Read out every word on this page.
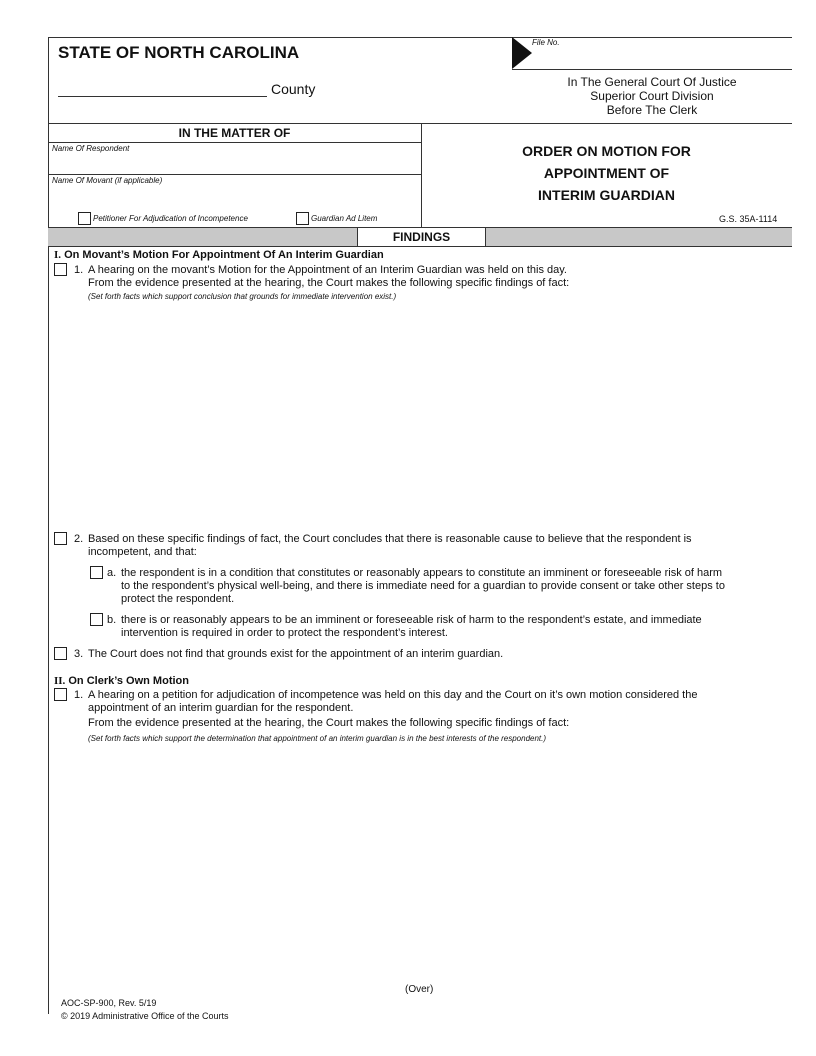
STATE OF NORTH CAROLINA
County
File No.
In The General Court Of Justice
Superior Court Division
Before The Clerk
IN THE MATTER OF
Name Of Respondent
Name Of Movant (if applicable)
Petitioner For Adjudication of Incompetence	Guardian Ad Litem
ORDER ON MOTION FOR
APPOINTMENT OF
INTERIM GUARDIAN
G.S. 35A-1114
FINDINGS
I. On Movant’s Motion For Appointment Of An Interim Guardian
1. A hearing on the movant’s Motion for the Appointment of an Interim Guardian was held on this day.
From the evidence presented at the hearing, the Court makes the following specific findings of fact:
(Set forth facts which support conclusion that grounds for immediate intervention exist.)
2. Based on these specific findings of fact, the Court concludes that there is reasonable cause to believe that the respondent is
incompetent, and that:
a. the respondent is in a condition that constitutes or reasonably appears to constitute an imminent or foreseeable risk of harm
to the respondent’s physical well-being, and there is immediate need for a guardian to provide consent or take other steps to
protect the respondent.
b. there is or reasonably appears to be an imminent or foreseeable risk of harm to the respondent’s estate, and immediate
intervention is required in order to protect the respondent’s interest.
3. The Court does not find that grounds exist for the appointment of an interim guardian.
II. On Clerk’s Own Motion
1. A hearing on a petition for adjudication of incompetence was held on this day and the Court on it’s own motion considered the
appointment of an interim guardian for the respondent.
From the evidence presented at the hearing, the Court makes the following specific findings of fact:
(Set forth facts which support the determination that appointment of an interim guardian is in the best interests of the respondent.)
(Over)
AOC-SP-900, Rev. 5/19
© 2019 Administrative Office of the Courts
